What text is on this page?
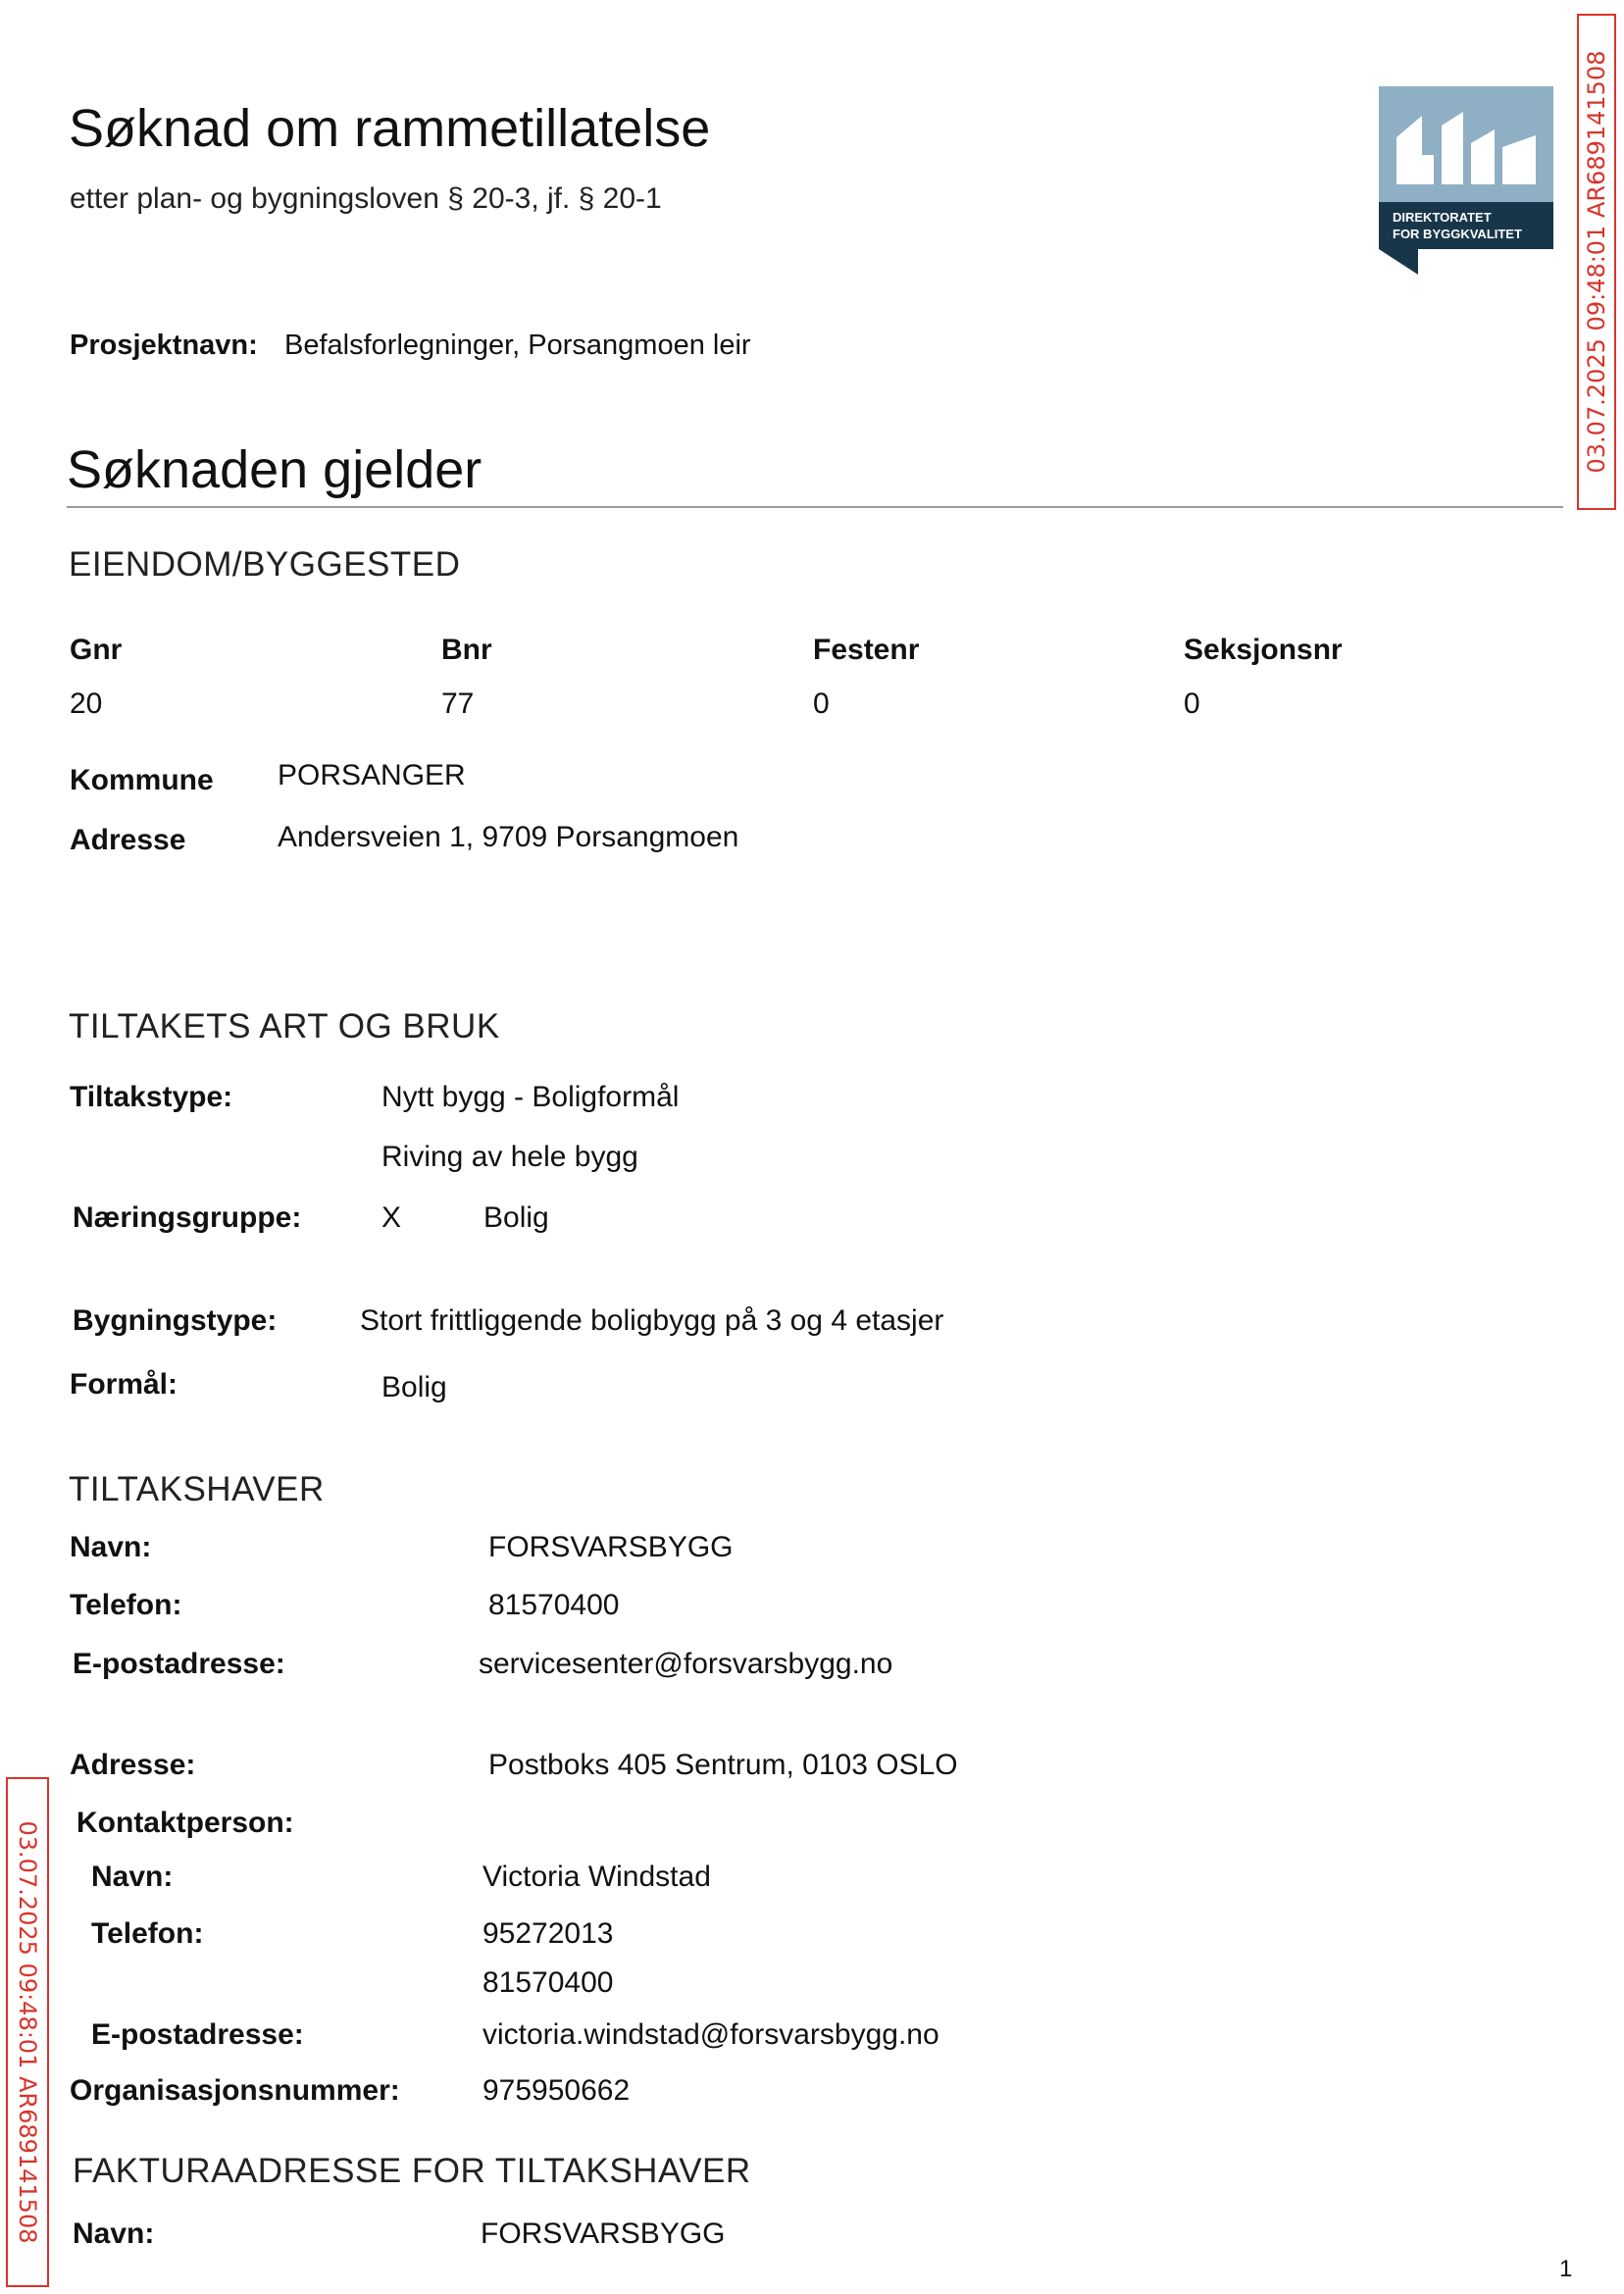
Søknad om rammetillatelse
etter plan- og bygningsloven § 20-3, jf. § 20-1
DIREKTORATET
FOR BYGGKVALITET	03.07.2025 09:48:01 AR689141508
03.07.2025 09:48:01 AR689141508
Prosjektnavn: Befalsforlegninger, Porsangmoen leir
Søknaden gjelder
EIENDOM/BYGGESTED
Gnr	Bnr	Festenr	Seksjonsnr
20	77	0	0
Kommune PORSANGER
Adresse	Andersveien 1, 9709 Porsangmoen
TILTAKETS ART OG BRUK
Tiltakstype:	Nytt bygg - Boligformål
Riving av hele bygg
Næringsgruppe:	X	Bolig
Bygningstype:	Stort frittliggende boligbygg på 3 og 4 etasjer
Formål:	Bolig
TILTAKSHAVER
Navn:	FORSVARSBYGG
Telefon:	81570400
E-postadresse:	servicesenter@forsvarsbygg.no
Adresse:	Postboks 405 Sentrum, 0103 OSLO
Kontaktperson:
Navn:	Victoria Windstad
Telefon:	95272013
81570400
E-postadresse:	victoria.windstad@forsvarsbygg.no
Organisasjonsnummer:	975950662
FAKTURAADRESSE FOR TILTAKSHAVER
Navn:	FORSVARSBYGG
1
